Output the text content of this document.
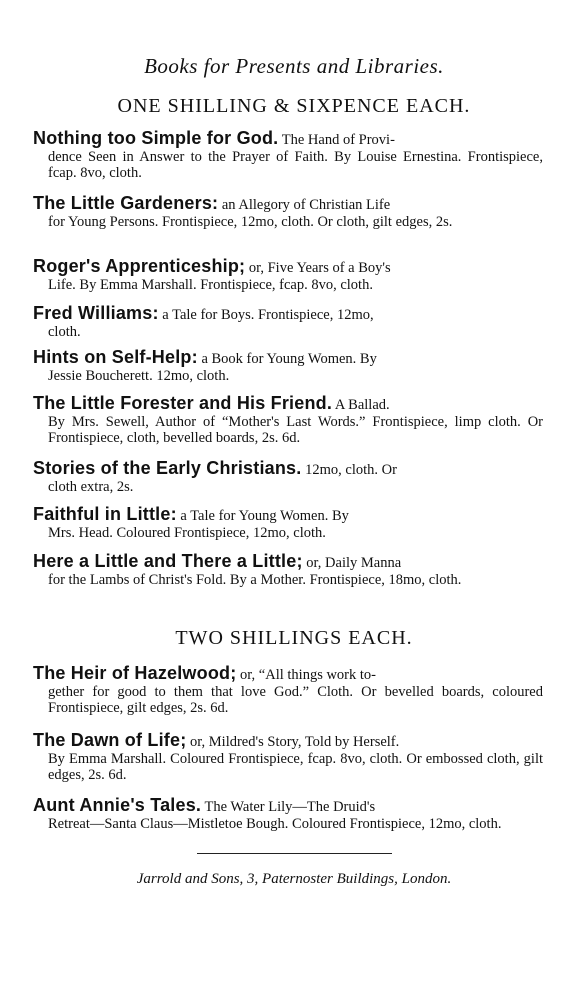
Books for Presents and Libraries.
ONE SHILLING & SIXPENCE EACH.
Nothing too Simple for God. The Hand of Provi-
dence Seen in Answer to the Prayer of Faith. By Louise Ernestina. Frontispiece, fcap. 8vo, cloth.
The Little Gardeners: an Allegory of Christian Life
for Young Persons. Frontispiece, 12mo, cloth. Or cloth, gilt edges, 2s.
Roger's Apprenticeship; or, Five Years of a Boy's
Life. By Emma Marshall. Frontispiece, fcap. 8vo, cloth.
Fred Williams: a Tale for Boys. Frontispiece, 12mo,
cloth.
Hints on Self-Help: a Book for Young Women. By
Jessie Boucherett. 12mo, cloth.
The Little Forester and His Friend. A Ballad.
By Mrs. Sewell, Author of “Mother's Last Words.” Frontispiece, limp cloth. Or Frontispiece, cloth, bevelled boards, 2s. 6d.
Stories of the Early Christians. 12mo, cloth. Or
cloth extra, 2s.
Faithful in Little: a Tale for Young Women. By
Mrs. Head. Coloured Frontispiece, 12mo, cloth.
Here a Little and There a Little; or, Daily Manna
for the Lambs of Christ's Fold. By a Mother. Frontispiece, 18mo, cloth.
TWO SHILLINGS EACH.
The Heir of Hazelwood; or, “All things work to-
gether for good to them that love God.” Cloth. Or bevelled boards, coloured Frontispiece, gilt edges, 2s. 6d.
The Dawn of Life; or, Mildred's Story, Told by Herself.
By Emma Marshall. Coloured Frontispiece, fcap. 8vo, cloth. Or embossed cloth, gilt edges, 2s. 6d.
Aunt Annie's Tales. The Water Lily—The Druid's
Retreat—Santa Claus—Mistletoe Bough. Coloured Frontispiece, 12mo, cloth.
Jarrold and Sons, 3, Paternoster Buildings, London.
